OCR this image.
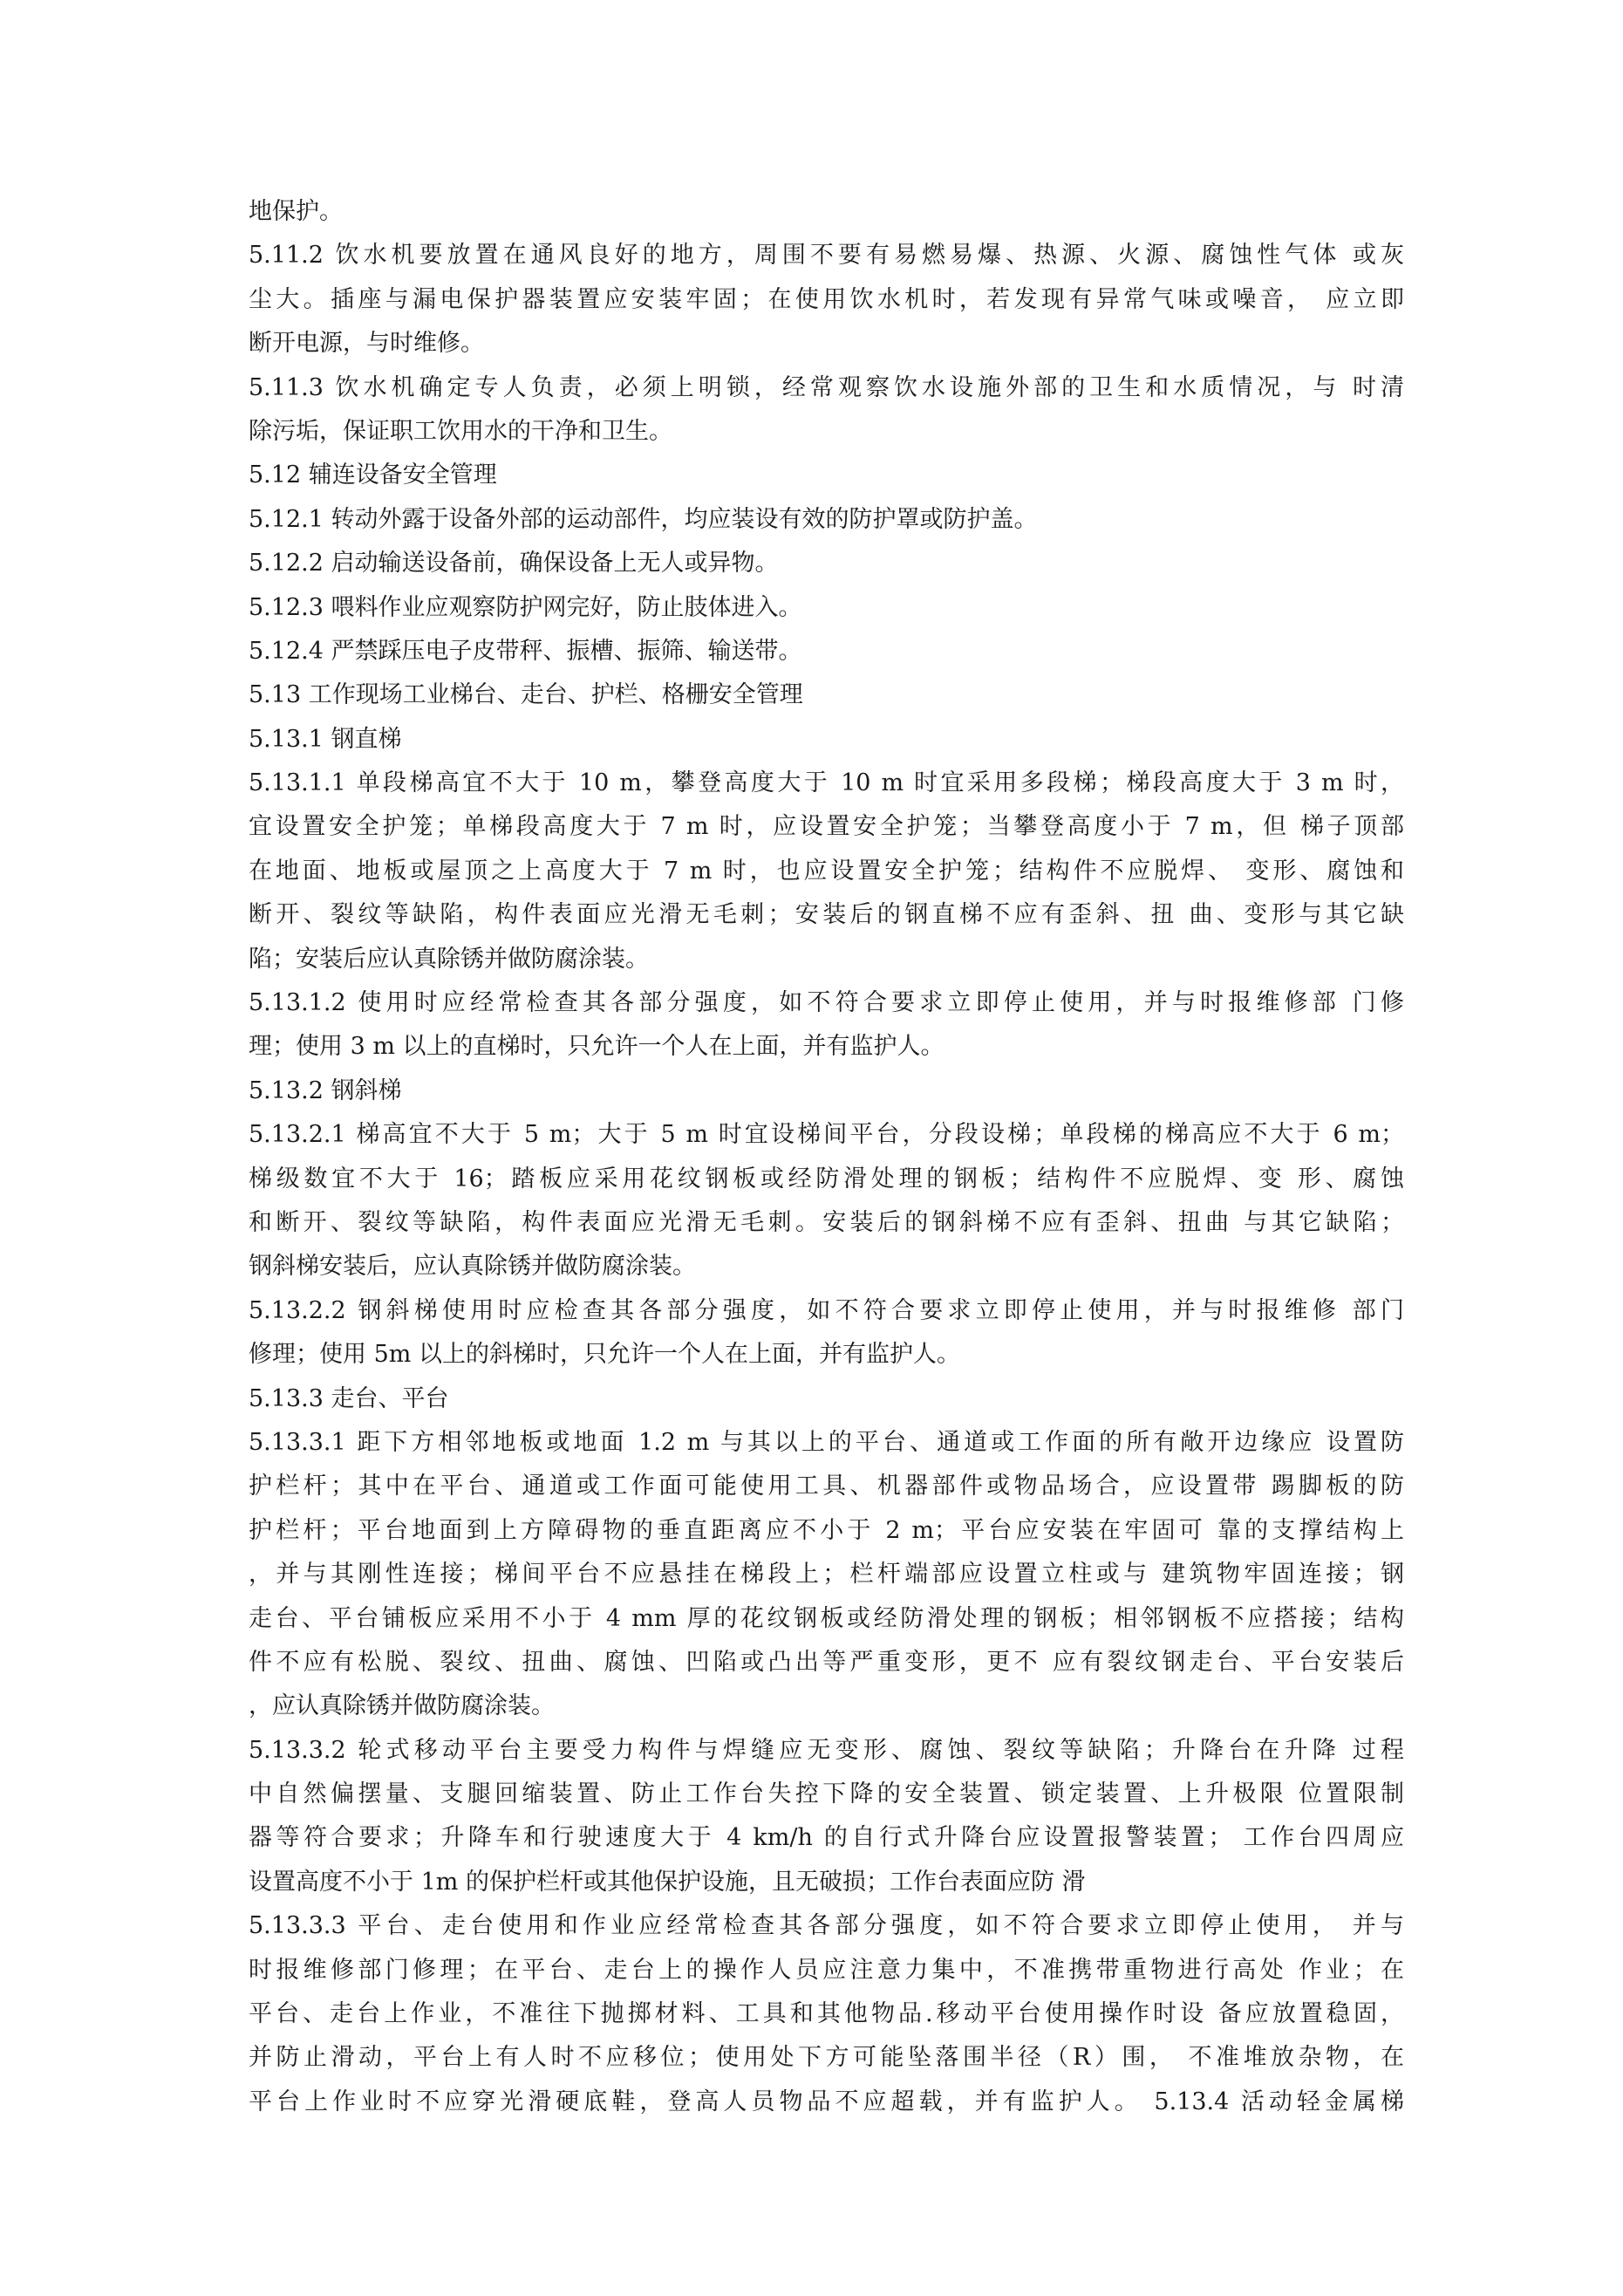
地保护。
5.11.2 饮水机要放置在通风良好的地方，周围不要有易燃易爆、热源、火源、腐蚀性气体 或灰
尘大。插座与漏电保护器装置应安装牢固；在使用饮水机时，若发现有异常气味或噪音， 应立即
断开电源，与时维修。
5.11.3 饮水机确定专人负责，必须上明锁，经常观察饮水设施外部的卫生和水质情况，与 时清
除污垢，保证职工饮用水的干净和卫生。
5.12 辅连设备安全管理
5.12.1 转动外露于设备外部的运动部件，均应装设有效的防护罩或防护盖。
5.12.2 启动输送设备前，确保设备上无人或异物。
5.12.3 喂料作业应观察防护网完好，防止肢体进入。
5.12.4 严禁踩压电子皮带秤、振槽、振筛、输送带。
5.13 工作现场工业梯台、走台、护栏、格栅安全管理
5.13.1 钢直梯
5.13.1.1 单段梯高宜不大于 10 m，攀登高度大于 10 m 时宜采用多段梯；梯段高度大于 3 m 时，
宜设置安全护笼；单梯段高度大于 7 m 时，应设置安全护笼；当攀登高度小于 7 m，但 梯子顶部
在地面、地板或屋顶之上高度大于 7 m 时，也应设置安全护笼；结构件不应脱焊、 变形、腐蚀和
断开、裂纹等缺陷，构件表面应光滑无毛刺；安装后的钢直梯不应有歪斜、扭 曲、变形与其它缺
陷；安装后应认真除锈并做防腐涂装。
5.13.1.2 使用时应经常检查其各部分强度，如不符合要求立即停止使用，并与时报维修部 门修
理；使用 3 m 以上的直梯时，只允许一个人在上面，并有监护人。
5.13.2 钢斜梯
5.13.2.1 梯高宜不大于 5 m；大于 5 m 时宜设梯间平台，分段设梯；单段梯的梯高应不大于 6 m；
梯级数宜不大于 16；踏板应采用花纹钢板或经防滑处理的钢板；结构件不应脱焊、变 形、腐蚀
和断开、裂纹等缺陷，构件表面应光滑无毛刺。安装后的钢斜梯不应有歪斜、扭曲 与其它缺陷；
钢斜梯安装后，应认真除锈并做防腐涂装。
5.13.2.2 钢斜梯使用时应检查其各部分强度，如不符合要求立即停止使用，并与时报维修 部门
修理；使用 5m 以上的斜梯时，只允许一个人在上面，并有监护人。
5.13.3 走台、平台
5.13.3.1 距下方相邻地板或地面 1.2 m 与其以上的平台、通道或工作面的所有敞开边缘应 设置防
护栏杆；其中在平台、通道或工作面可能使用工具、机器部件或物品场合，应设置带 踢脚板的防
护栏杆；平台地面到上方障碍物的垂直距离应不小于 2 m；平台应安装在牢固可 靠的支撑结构上
，并与其刚性连接；梯间平台不应悬挂在梯段上；栏杆端部应设置立柱或与 建筑物牢固连接；钢
走台、平台铺板应采用不小于 4 mm 厚的花纹钢板或经防滑处理的钢板；相邻钢板不应搭接；结构
件不应有松脱、裂纹、扭曲、腐蚀、凹陷或凸出等严重变形，更不 应有裂纹钢走台、平台安装后
，应认真除锈并做防腐涂装。
5.13.3.2 轮式移动平台主要受力构件与焊缝应无变形、腐蚀、裂纹等缺陷；升降台在升降 过程
中自然偏摆量、支腿回缩装置、防止工作台失控下降的安全装置、锁定装置、上升极限 位置限制
器等符合要求；升降车和行驶速度大于 4 km/h 的自行式升降台应设置报警装置； 工作台四周应
设置高度不小于 1m 的保护栏杆或其他保护设施，且无破损；工作台表面应防 滑
5.13.3.3 平台、走台使用和作业应经常检查其各部分强度，如不符合要求立即停止使用， 并与
时报维修部门修理；在平台、走台上的操作人员应注意力集中，不准携带重物进行高处 作业；在
平台、走台上作业，不准往下抛掷材料、工具和其他物品.移动平台使用操作时设 备应放置稳固，
并防止滑动，平台上有人时不应移位；使用处下方可能坠落围半径（R）围， 不准堆放杂物，在
平台上作业时不应穿光滑硬底鞋，登高人员物品不应超载，并有监护人。 5.13.4 活动轻金属梯
